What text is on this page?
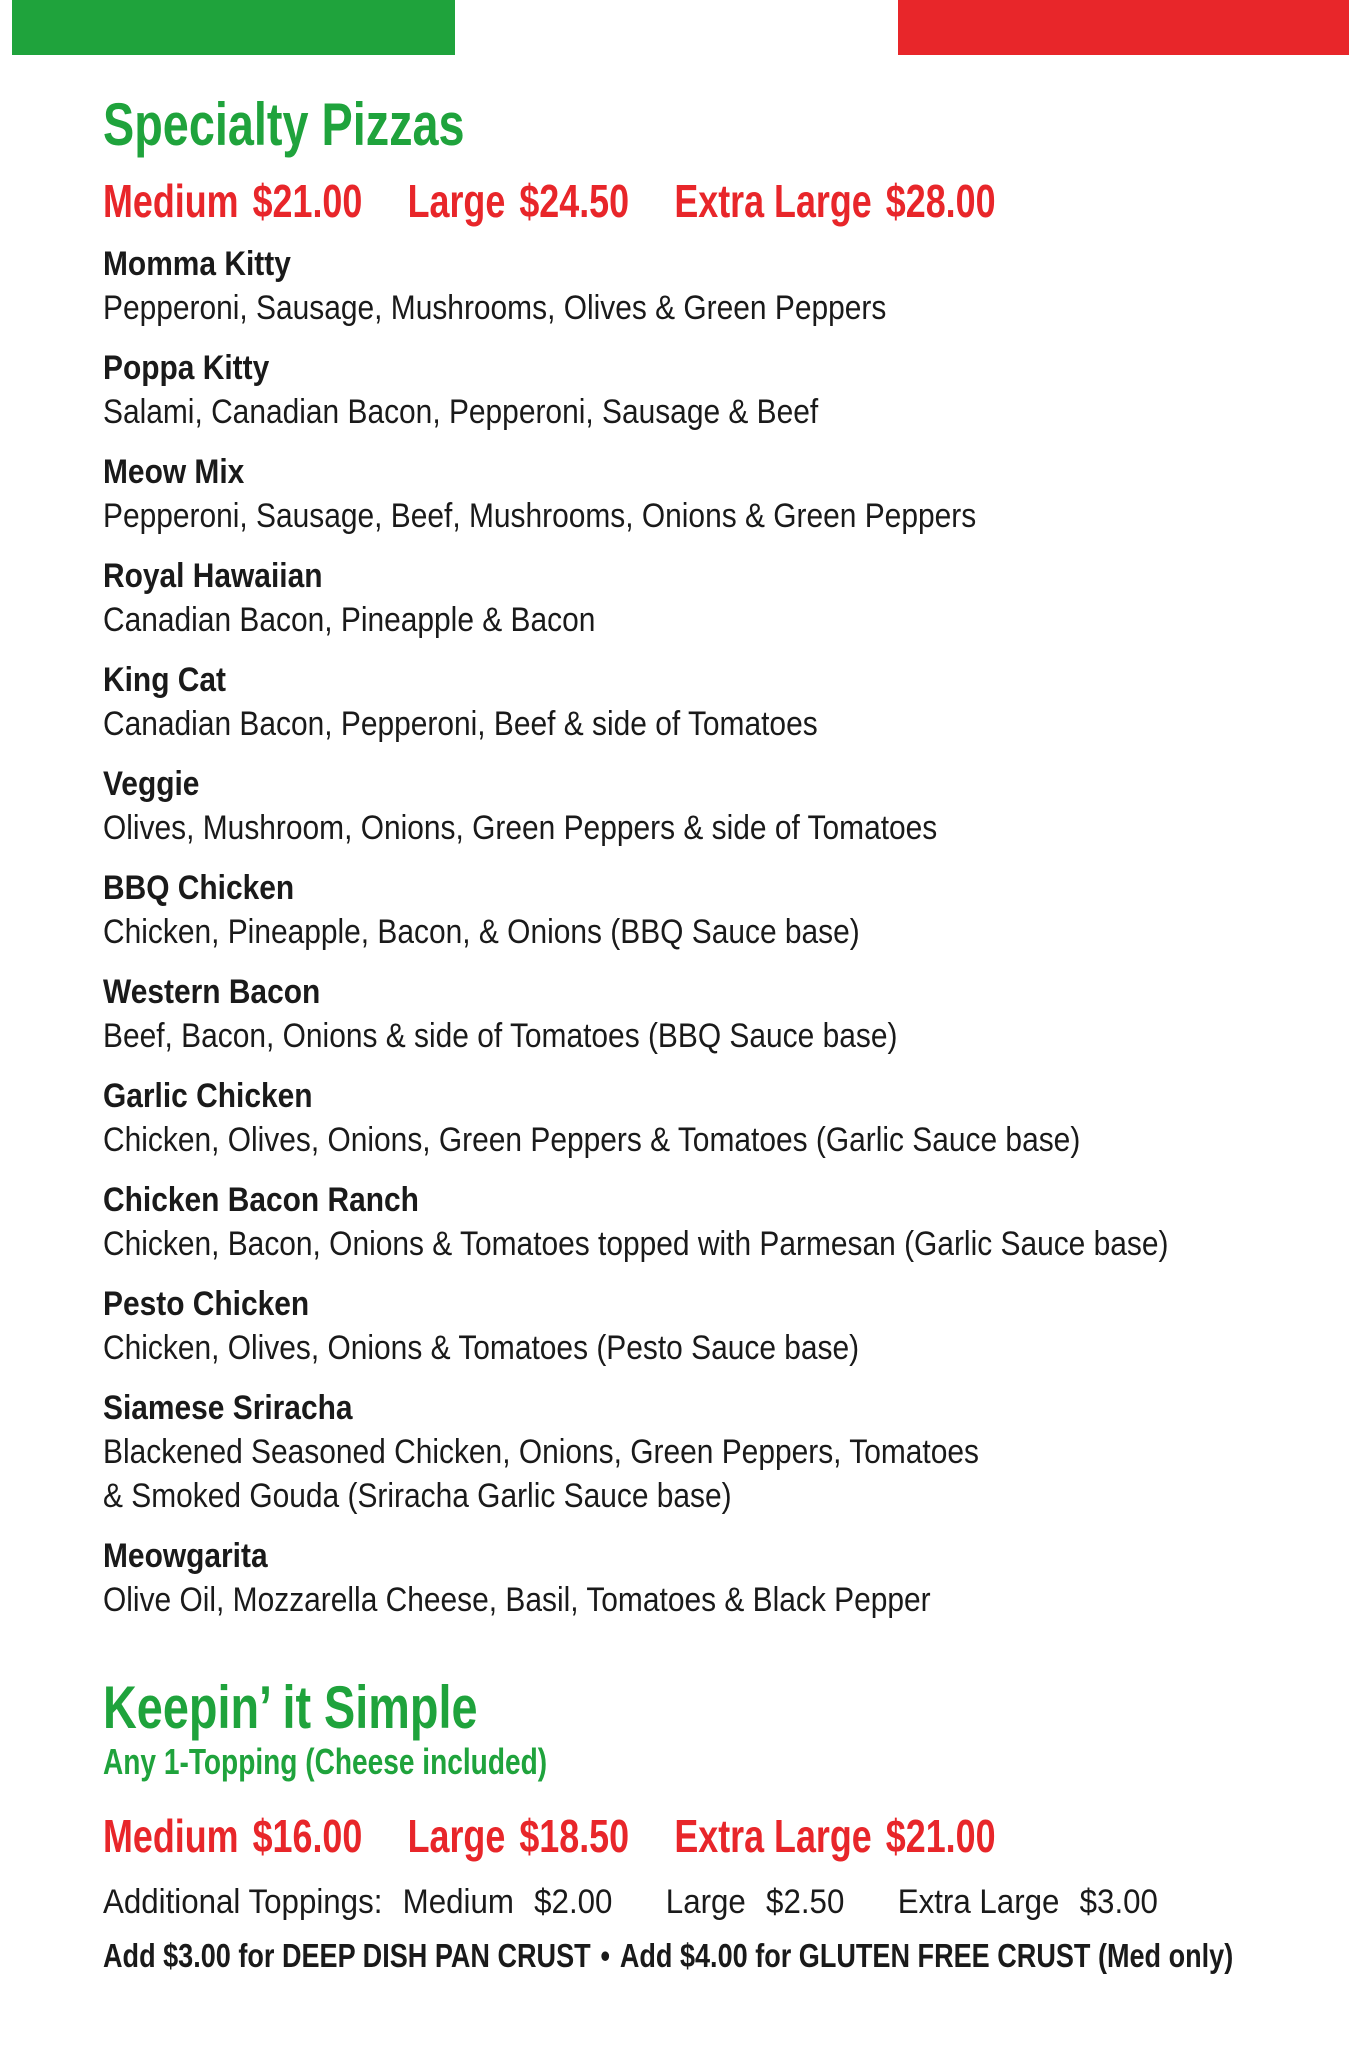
Specialty Pizzas
Medium $21.00 Large $24.50 Extra Large $28.00
Momma Kitty
Pepperoni, Sausage, Mushrooms, Olives & Green Peppers
Poppa Kitty
Salami, Canadian Bacon, Pepperoni, Sausage & Beef
Meow Mix
Pepperoni, Sausage, Beef, Mushrooms, Onions & Green Peppers
Royal Hawaiian
Canadian Bacon, Pineapple & Bacon
King Cat
Canadian Bacon, Pepperoni, Beef & side of Tomatoes
Veggie
Olives, Mushroom, Onions, Green Peppers & side of Tomatoes
BBQ Chicken
Chicken, Pineapple, Bacon, & Onions (BBQ Sauce base)
Western Bacon
Beef, Bacon, Onions & side of Tomatoes (BBQ Sauce base)
Garlic Chicken
Chicken, Olives, Onions, Green Peppers & Tomatoes (Garlic Sauce base)
Chicken Bacon Ranch
Chicken, Bacon, Onions & Tomatoes topped with Parmesan (Garlic Sauce base)
Pesto Chicken
Chicken, Olives, Onions & Tomatoes (Pesto Sauce base)
Siamese Sriracha
Blackened Seasoned Chicken, Onions, Green Peppers, Tomatoes
& Smoked Gouda (Sriracha Garlic Sauce base)
Meowgarita
Olive Oil, Mozzarella Cheese, Basil, Tomatoes & Black Pepper
Keepin’ it Simple
Any 1-Topping (Cheese included)
Medium $16.00 Large $18.50 Extra Large $21.00
Additional Toppings: Medium $2.00 Large $2.50 Extra Large $3.00
Add $3.00 for DEEP DISH PAN CRUST • Add $4.00 for GLUTEN FREE CRUST (Med only)
